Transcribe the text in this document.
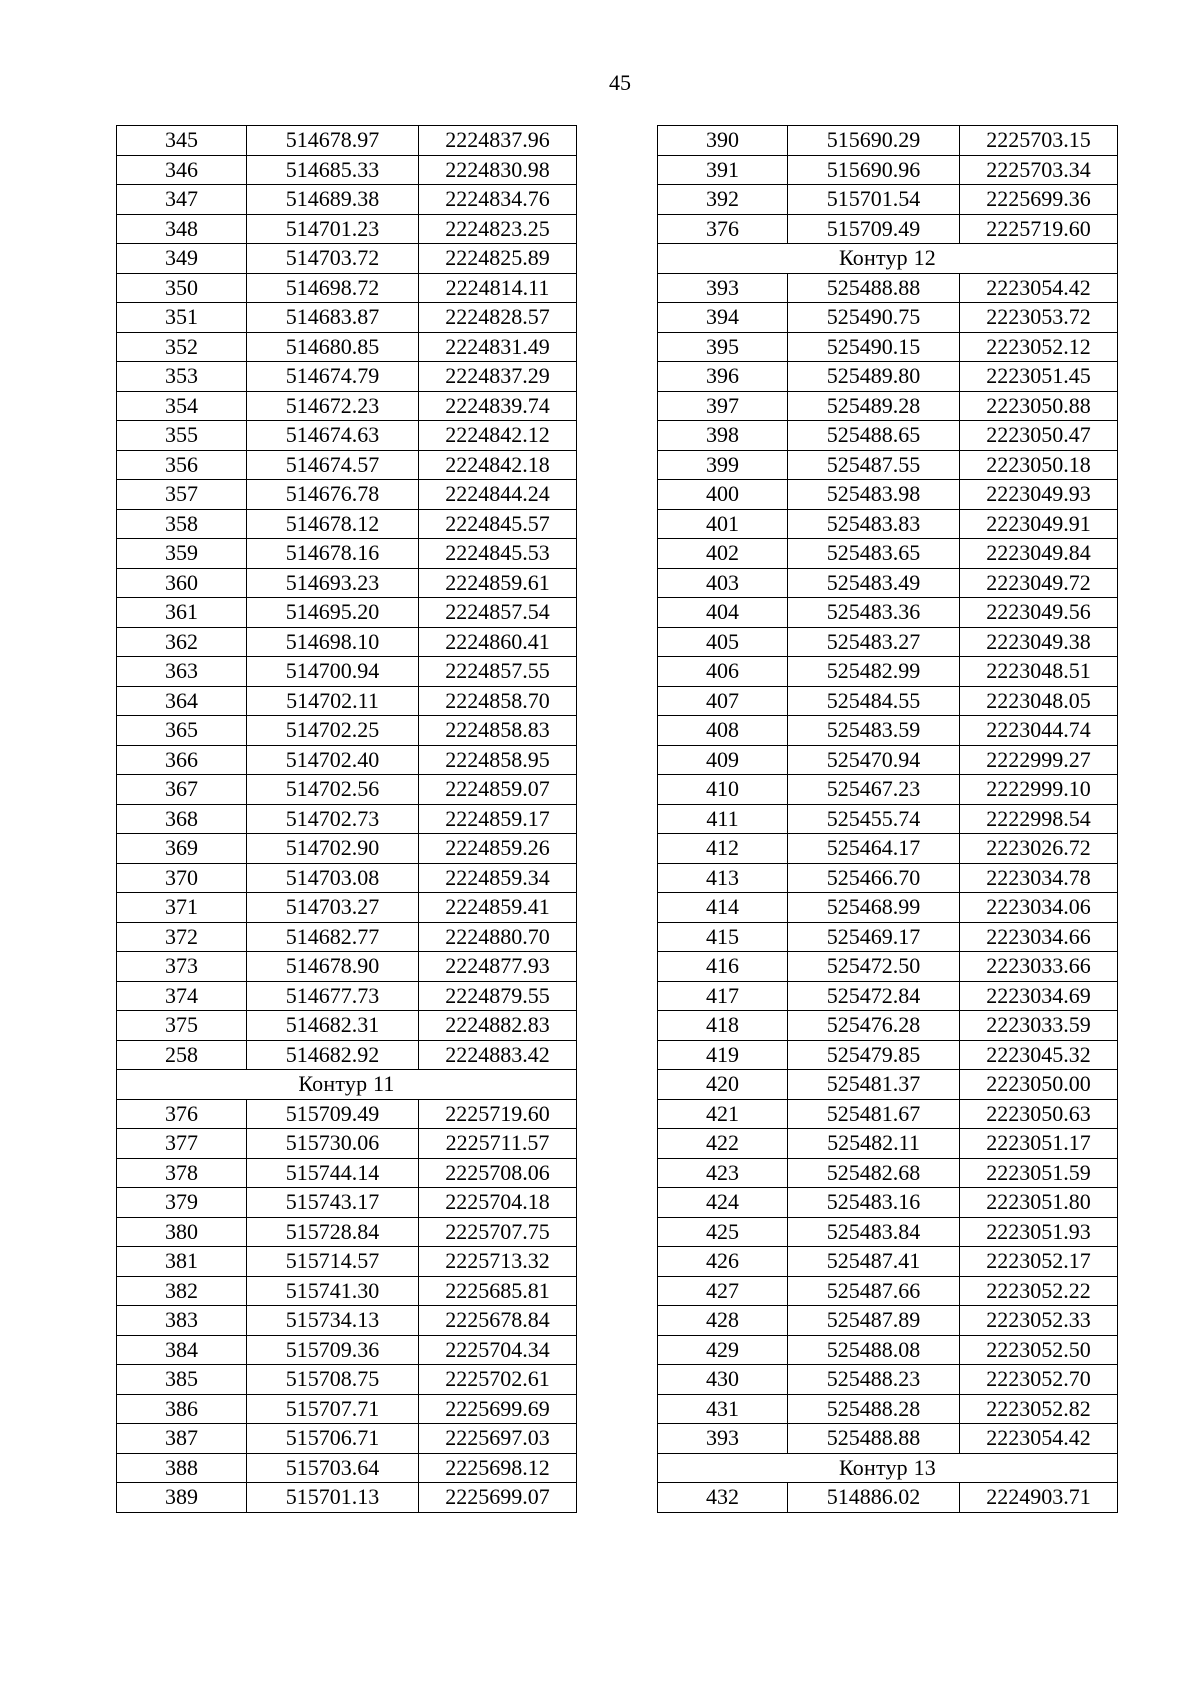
45
345	514678.97	2224837.96
346	514685.33	2224830.98
347	514689.38	2224834.76
348	514701.23	2224823.25
349	514703.72	2224825.89
350	514698.72	2224814.11
351	514683.87	2224828.57
352	514680.85	2224831.49
353	514674.79	2224837.29
354	514672.23	2224839.74
355	514674.63	2224842.12
356	514674.57	2224842.18
357	514676.78	2224844.24
358	514678.12	2224845.57
359	514678.16	2224845.53
360	514693.23	2224859.61
361	514695.20	2224857.54
362	514698.10	2224860.41
363	514700.94	2224857.55
364	514702.11	2224858.70
365	514702.25	2224858.83
366	514702.40	2224858.95
367	514702.56	2224859.07
368	514702.73	2224859.17
369	514702.90	2224859.26
370	514703.08	2224859.34
371	514703.27	2224859.41
372	514682.77	2224880.70
373	514678.90	2224877.93
374	514677.73	2224879.55
375	514682.31	2224882.83
258	514682.92	2224883.42
Контур 11		
376	515709.49	2225719.60
377	515730.06	2225711.57
378	515744.14	2225708.06
379	515743.17	2225704.18
380	515728.84	2225707.75
381	515714.57	2225713.32
382	515741.30	2225685.81
383	515734.13	2225678.84
384	515709.36	2225704.34
385	515708.75	2225702.61
386	515707.71	2225699.69
387	515706.71	2225697.03
388	515703.64	2225698.12
389	515701.13	2225699.07
390	515690.29	2225703.15
391	515690.96	2225703.34
392	515701.54	2225699.36
376	515709.49	2225719.60
Контур 12		
393	525488.88	2223054.42
394	525490.75	2223053.72
395	525490.15	2223052.12
396	525489.80	2223051.45
397	525489.28	2223050.88
398	525488.65	2223050.47
399	525487.55	2223050.18
400	525483.98	2223049.93
401	525483.83	2223049.91
402	525483.65	2223049.84
403	525483.49	2223049.72
404	525483.36	2223049.56
405	525483.27	2223049.38
406	525482.99	2223048.51
407	525484.55	2223048.05
408	525483.59	2223044.74
409	525470.94	2222999.27
410	525467.23	2222999.10
411	525455.74	2222998.54
412	525464.17	2223026.72
413	525466.70	2223034.78
414	525468.99	2223034.06
415	525469.17	2223034.66
416	525472.50	2223033.66
417	525472.84	2223034.69
418	525476.28	2223033.59
419	525479.85	2223045.32
420	525481.37	2223050.00
421	525481.67	2223050.63
422	525482.11	2223051.17
423	525482.68	2223051.59
424	525483.16	2223051.80
425	525483.84	2223051.93
426	525487.41	2223052.17
427	525487.66	2223052.22
428	525487.89	2223052.33
429	525488.08	2223052.50
430	525488.23	2223052.70
431	525488.28	2223052.82
393	525488.88	2223054.42
Контур 13		
432	514886.02	2224903.71
